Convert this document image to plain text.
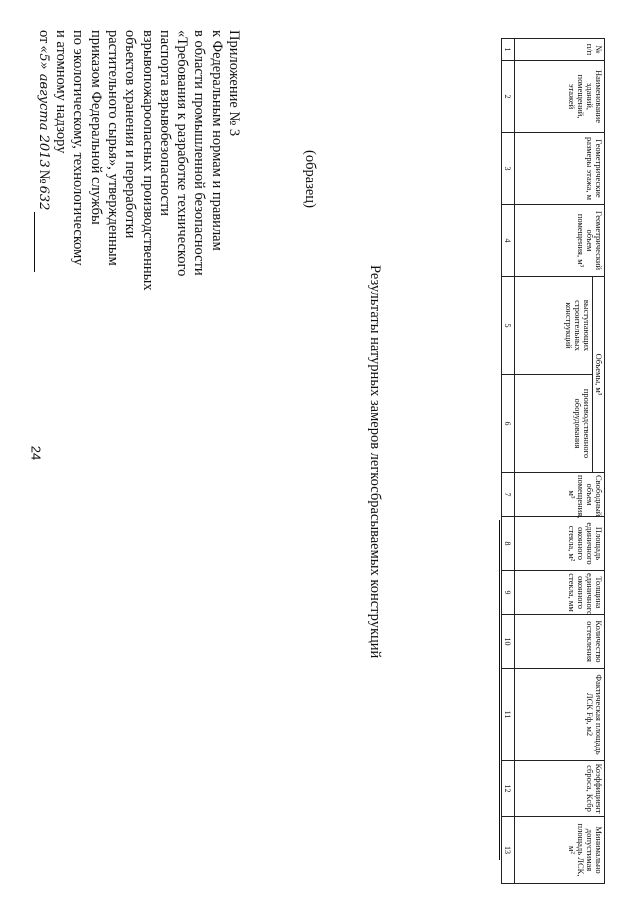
24
Приложение № 3
к Федеральным нормам и правилам
в области промышленной безопасности
«Требования к разработке технического
паспорта взрывобезопасности
взрывопожароопасных производственных
объектов хранения и переработки
растительного сырья», утвержденным
приказом Федеральной службы
по экологическому, технологическому
и атомному надзору
от
«5» августа 2013
№
632	(образец)
Результаты натурных замеров легкосбрасываемых конструкций
№ п/п	Наименование зданий, помещений, этажей	Геометрические размеры этажа, м	Геометрический объем помещения, м³	Объемы, м³		Свободный объем помещения, м³	Площадь единичного оконного стекла, м²	Толщина единичного оконного стекла, мм	Количество остекления	Фактическая площадь ЛСК Fф, м2	Коэффициент сброса, Ксбр	Минимально допустимая площадь ЛСК, м²
				выступающих строительных конструкций	производственного оборудования							
1	2	3	4	5	6	7	8	9	10	11	12	13
